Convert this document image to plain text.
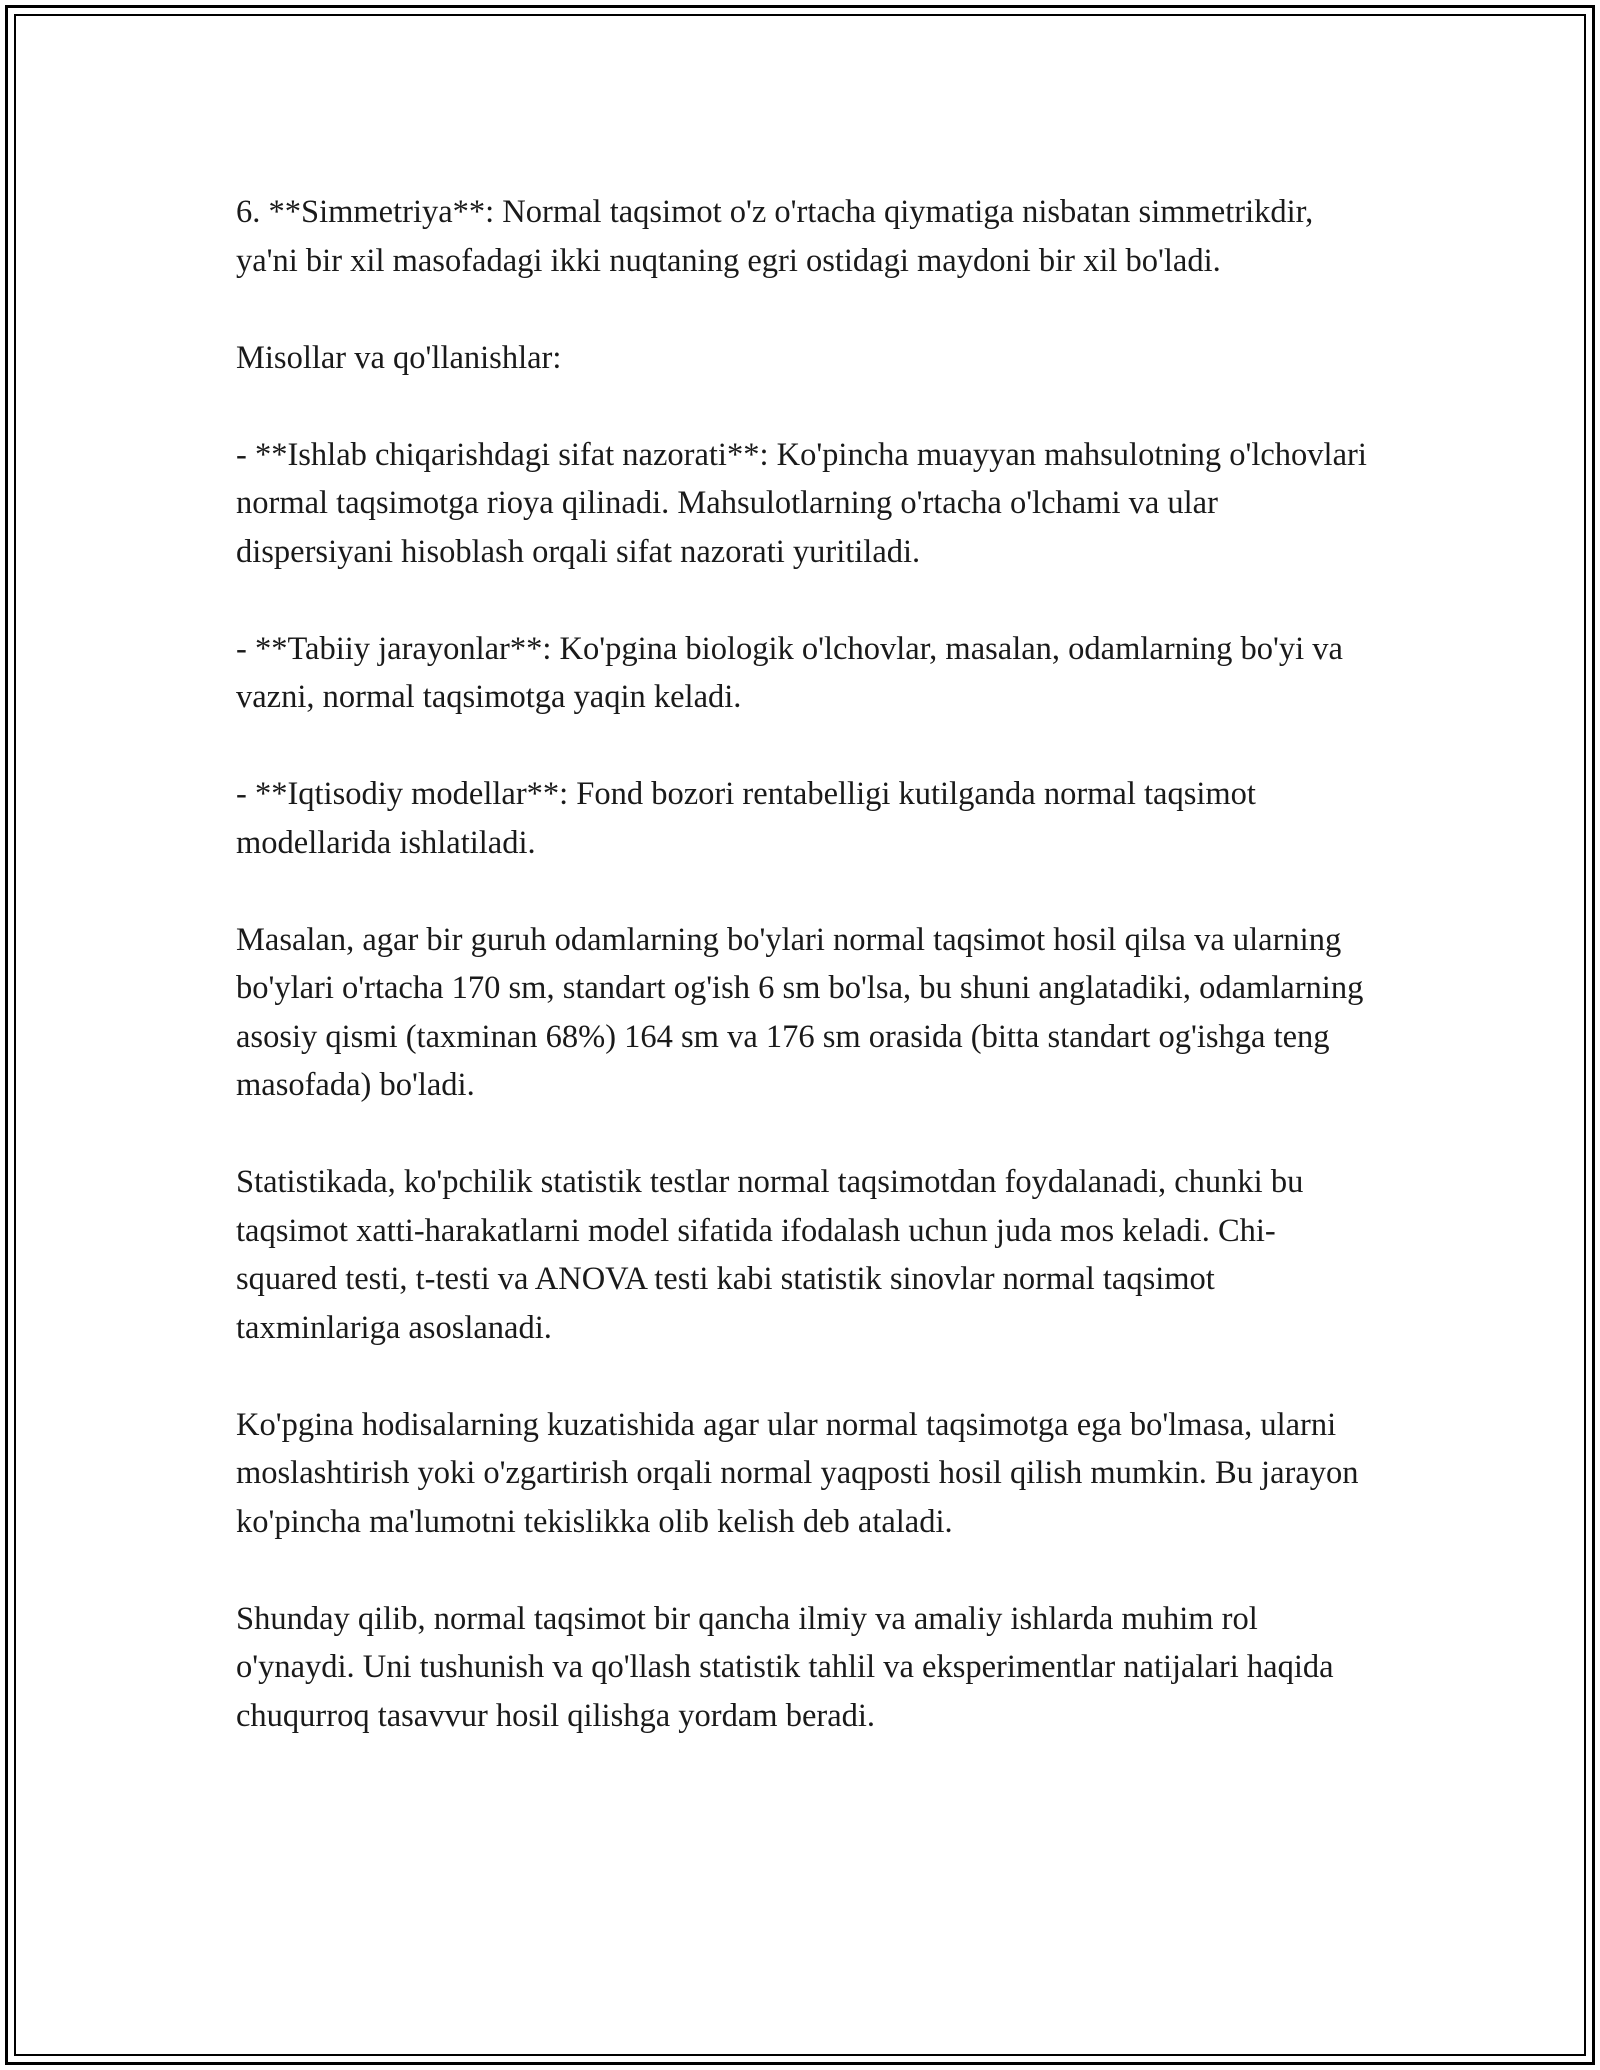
6. **Simmetriya**: Normal taqsimot o'z o'rtacha qiymatiga nisbatan simmetrikdir, ya'ni bir xil masofadagi ikki nuqtaning egri ostidagi maydoni bir xil bo'ladi.

Misollar va qo'llanishlar:

- **Ishlab chiqarishdagi sifat nazorati**: Ko'pincha muayyan mahsulotning o'lchovlari normal taqsimotga rioya qilinadi. Mahsulotlarning o'rtacha o'lchami va ular dispersiyani hisoblash orqali sifat nazorati yuritiladi.

- **Tabiiy jarayonlar**: Ko'pgina biologik o'lchovlar, masalan, odamlarning bo'yi va vazni, normal taqsimotga yaqin keladi.

- **Iqtisodiy modellar**: Fond bozori rentabelligi kutilganda normal taqsimot modellarida ishlatiladi.

Masalan, agar bir guruh odamlarning bo'ylari normal taqsimot hosil qilsa va ularning bo'ylari o'rtacha 170 sm, standart og'ish 6 sm bo'lsa, bu shuni anglatadiki, odamlarning asosiy qismi (taxminan 68%) 164 sm va 176 sm orasida (bitta standart og'ishga teng masofada) bo'ladi.

Statistikada, ko'pchilik statistik testlar normal taqsimotdan foydalanadi, chunki bu taqsimot xatti-harakatlarni model sifatida ifodalash uchun juda mos keladi. Chi-squared testi, t-testi va ANOVA testi kabi statistik sinovlar normal taqsimot taxminlariga asoslanadi.

Ko'pgina hodisalarning kuzatishida agar ular normal taqsimotga ega bo'lmasa, ularni moslashtirish yoki o'zgartirish orqali normal yaqposti hosil qilish mumkin. Bu jarayon ko'pincha ma'lumotni tekislikka olib kelish deb ataladi.

Shunday qilib, normal taqsimot bir qancha ilmiy va amaliy ishlarda muhim rol o'ynaydi. Uni tushunish va qo'llash statistik tahlil va eksperimentlar natijalari haqida chuqurroq tasavvur hosil qilishga yordam beradi.
